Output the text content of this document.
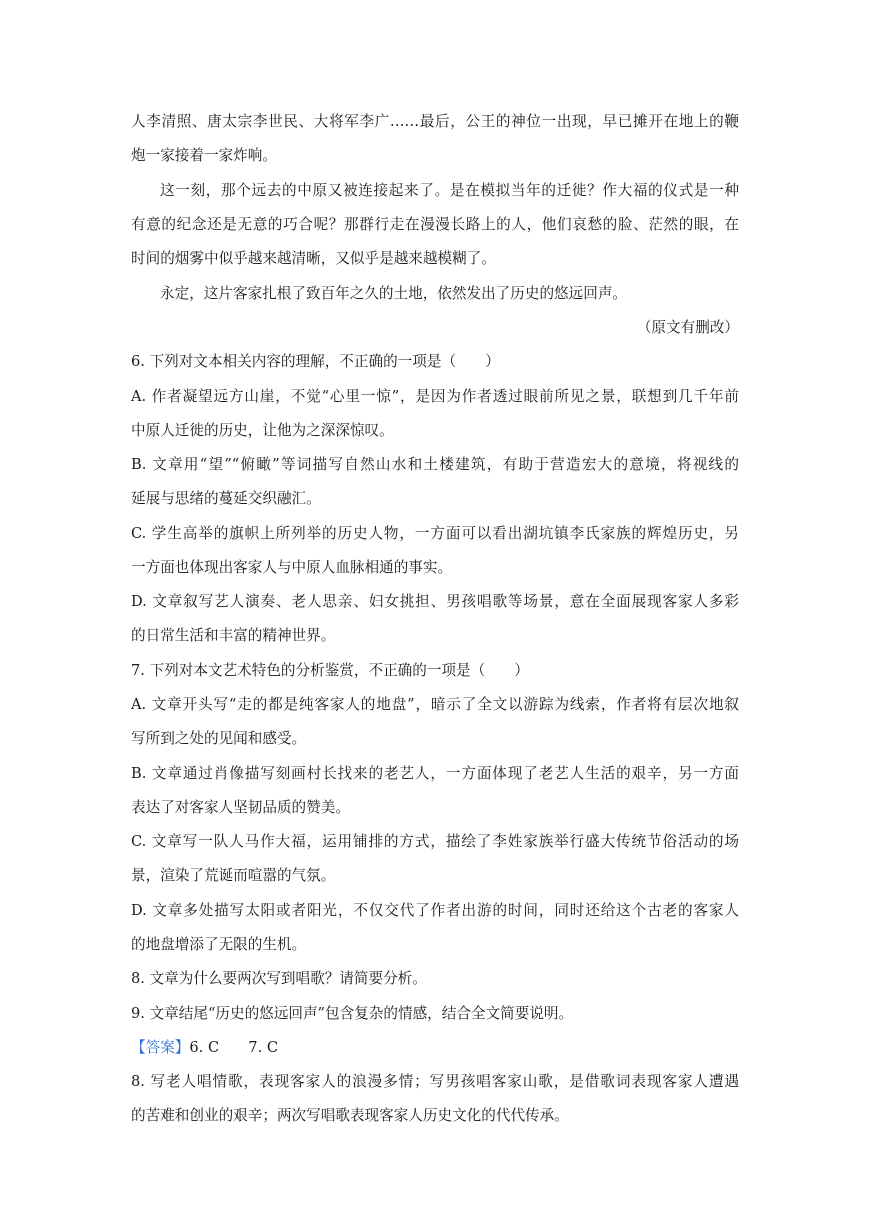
人李清照、唐太宗李世民、大将军李广……最后，公王的神位一出现，早已摊开在地上的鞭
炮一家接着一家炸响。
这一刻，那个远去的中原又被连接起来了。是在模拟当年的迁徙？作大福的仪式是一种
有意的纪念还是无意的巧合呢？那群行走在漫漫长路上的人，他们哀愁的脸、茫然的眼，在
时间的烟雾中似乎越来越清晰，又似乎是越来越模糊了。
永定，这片客家扎根了致百年之久的土地，依然发出了历史的悠远回声。
（原文有删改）
6. 下列对文本相关内容的理解，不正确的一项是（　　）
A. 作者凝望远方山崖，不觉“心里一惊”，是因为作者透过眼前所见之景，联想到几千年前
中原人迁徙的历史，让他为之深深惊叹。
B. 文章用“望”“俯瞰”等词描写自然山水和土楼建筑，有助于营造宏大的意境，将视线的
延展与思绪的蔓延交织融汇。
C. 学生高举的旗帜上所列举的历史人物，一方面可以看出湖坑镇李氏家族的辉煌历史，另
一方面也体现出客家人与中原人血脉相通的事实。
D. 文章叙写艺人演奏、老人思亲、妇女挑担、男孩唱歌等场景，意在全面展现客家人多彩
的日常生活和丰富的精神世界。
7. 下列对本文艺术特色的分析鉴赏，不正确的一项是（　　）
A. 文章开头写“走的都是纯客家人的地盘”，暗示了全文以游踪为线索，作者将有层次地叙
写所到之处的见闻和感受。
B. 文章通过肖像描写刻画村长找来的老艺人，一方面体现了老艺人生活的艰辛，另一方面
表达了对客家人坚韧品质的赞美。
C. 文章写一队人马作大福，运用铺排的方式，描绘了李姓家族举行盛大传统节俗活动的场
景，渲染了荒诞而喧嚣的气氛。
D. 文章多处描写太阳或者阳光，不仅交代了作者出游的时间，同时还给这个古老的客家人
的地盘增添了无限的生机。
8. 文章为什么要两次写到唱歌？请简要分析。
9. 文章结尾“历史的悠远回声”包含复杂的情感，结合全文简要说明。
【答案】6. C　　7. C
8. 写老人唱情歌，表现客家人的浪漫多情；写男孩唱客家山歌，是借歌词表现客家人遭遇
的苦难和创业的艰辛；两次写唱歌表现客家人历史文化的代代传承。
